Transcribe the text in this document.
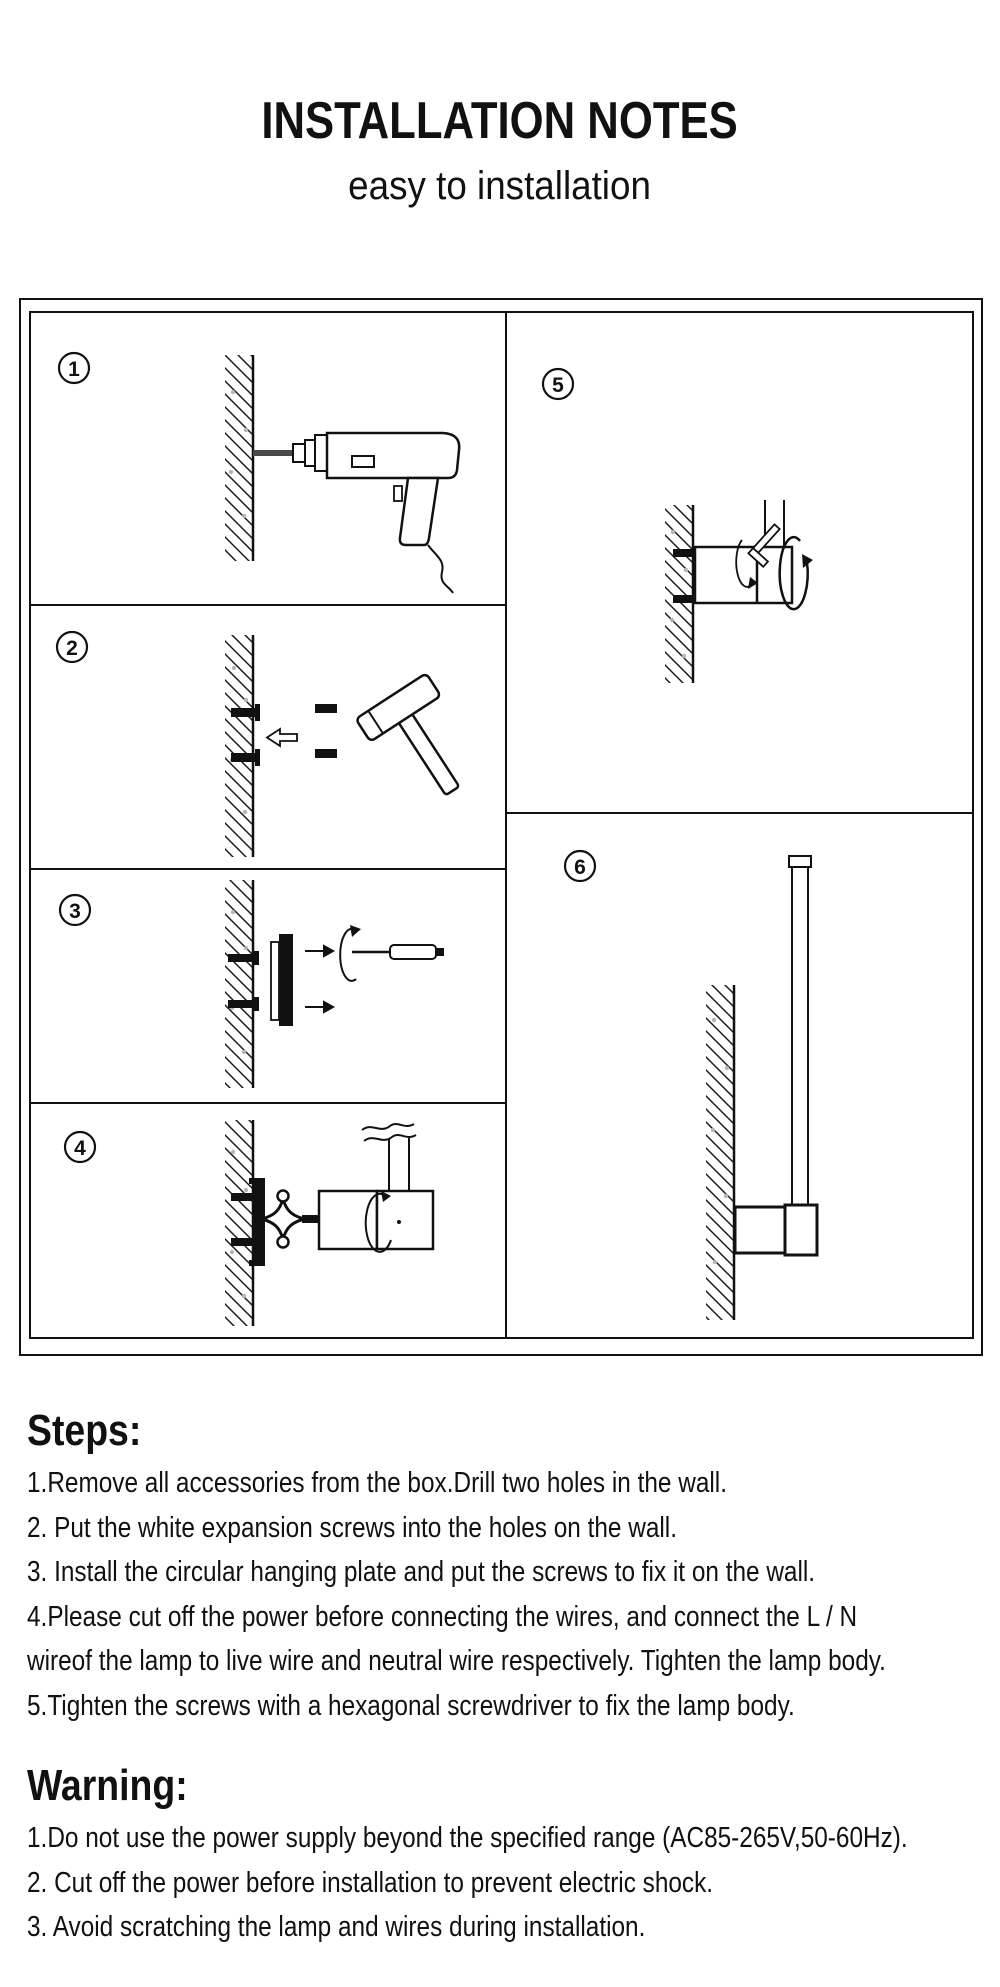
INSTALLATION NOTES
easy to installation
1
2
3
4
5
6
Steps:
1.Remove all accessories from the box.Drill two holes in the wall.
2. Put the white expansion screws into the holes on the wall.
3. Install the circular hanging plate and put the screws to fix it on the wall.
4.Please cut off the power before connecting the wires, and connect the L / N
wireof the lamp to live wire and neutral wire respectively. Tighten the lamp body.
5.Tighten the screws with a hexagonal screwdriver to fix the lamp body.
Warning:
1.Do not use the power supply beyond the specified range (AC85-265V,50-60Hz).
2. Cut off the power before installation to prevent electric shock.
3. Avoid scratching the lamp and wires during installation.
